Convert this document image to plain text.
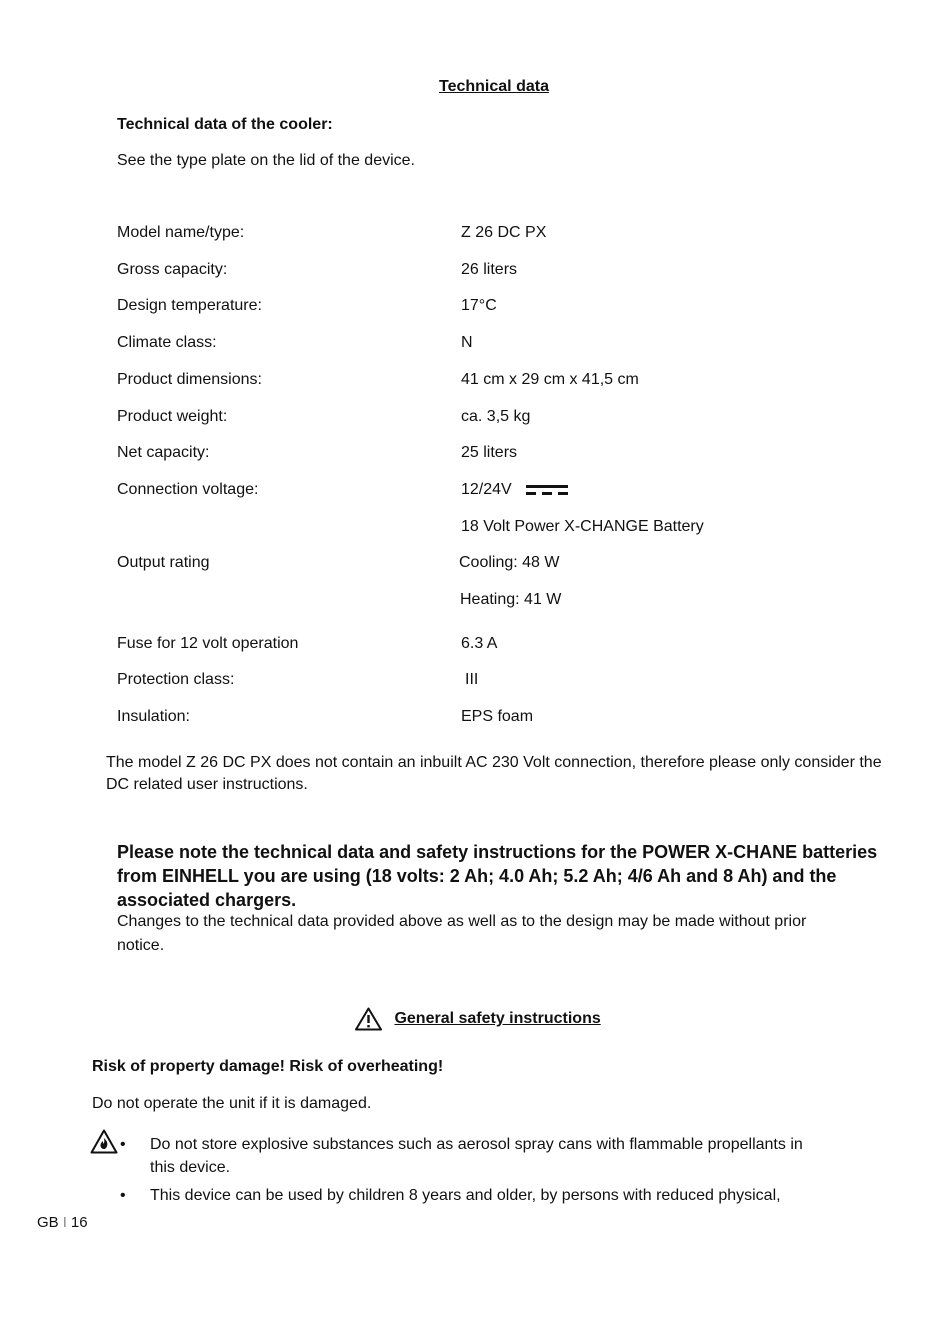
Technical data
Technical data of the cooler:
See the type plate on the lid of the device.
Model name/type:	Z 26 DC PX
Gross capacity:	26 liters
Design temperature:	17°C
Climate class:	N
Product dimensions:	41 cm x 29 cm x 41,5 cm
Product weight:	ca. 3,5 kg
Net capacity:	25 liters
Connection voltage:	12/24V
18 Volt Power X-CHANGE Battery
Output rating	Cooling: 48 W
Heating: 41 W
Fuse for 12 volt operation	6.3 A
Protection class:	III
Insulation:	EPS foam
The model Z 26 DC PX does not contain an inbuilt AC 230 Volt connection, therefore please only consider the DC related user instructions.
Please note the technical data and safety instructions for the POWER X-CHANE batteries from EINHELL you are using (18 volts: 2 Ah; 4.0 Ah; 5.2 Ah; 4/6 Ah and 8 Ah) and the associated chargers.
Changes to the technical data provided above as well as to the design may be made without prior notice.
General safety instructions
Risk of property damage! Risk of overheating!
Do not operate the unit if it is damaged.
• Do not store explosive substances such as aerosol spray cans with flammable propellants in this device.
• This device can be used by children 8 years and older, by persons with reduced physical,
GB I 16
